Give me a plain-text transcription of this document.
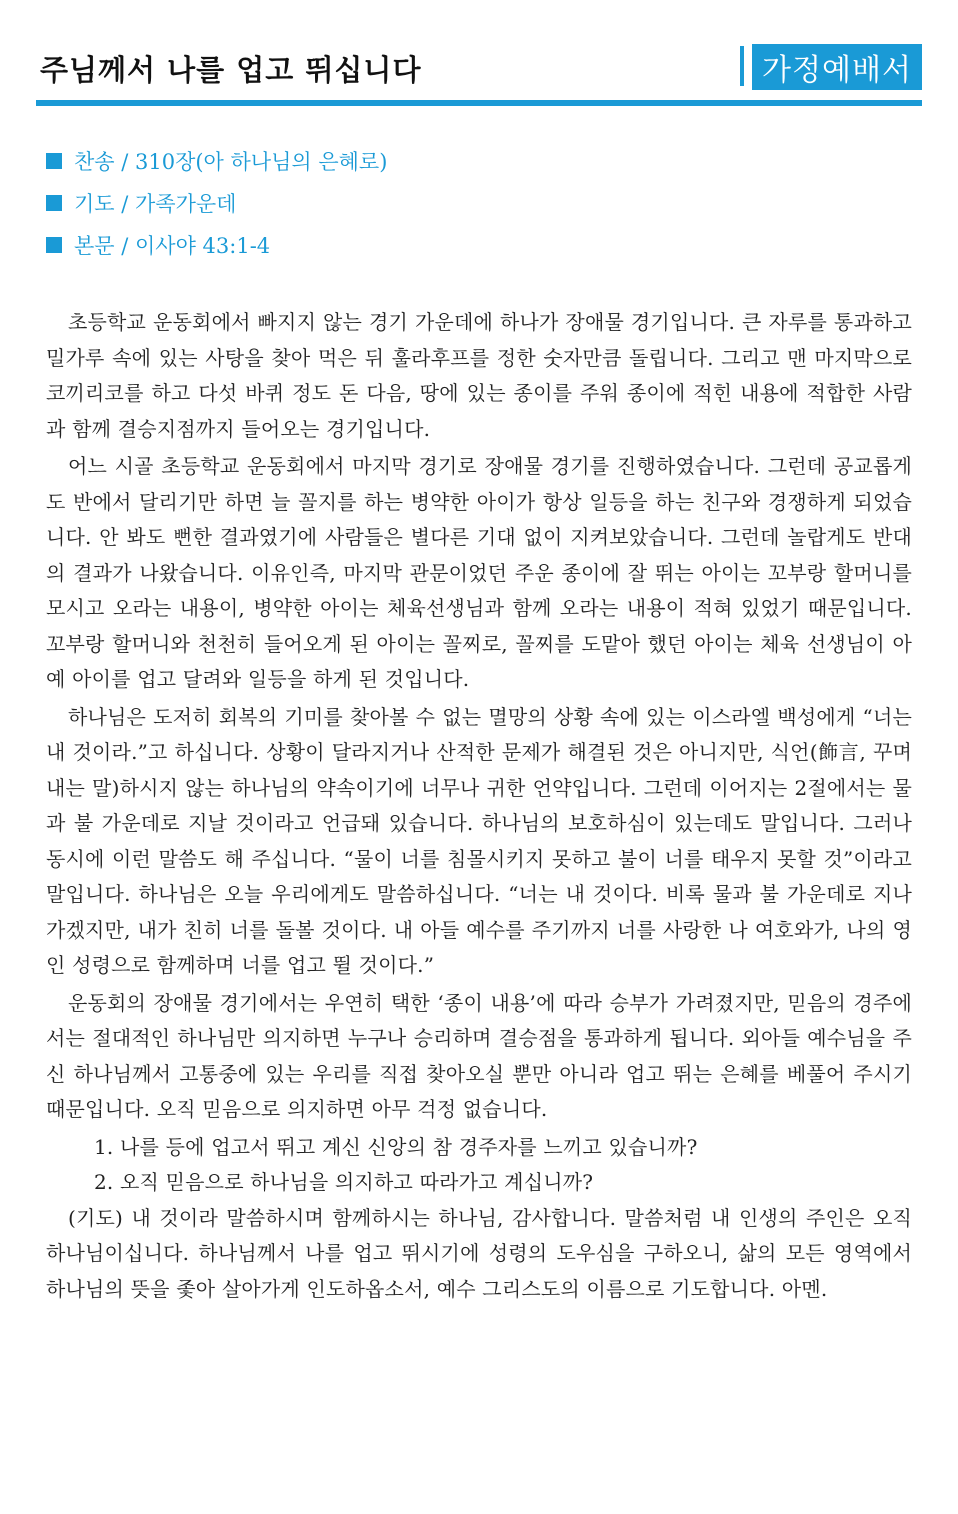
주님께서 나를 업고 뛰십니다	가정예배서
찬송 / 310장(아 하나님의 은혜로)
기도 / 가족가운데
본문 / 이사야 43:1-4

초등학교 운동회에서 빠지지 않는 경기 가운데에 하나가 장애물 경기입니다. 큰 자루를 통과하고 밀가루 속에 있는 사탕을 찾아 먹은 뒤 훌라후프를 정한 숫자만큼 돌립니다. 그리고 맨 마지막으로 코끼리코를 하고 다섯 바퀴 정도 돈 다음, 땅에 있는 종이를 주워 종이에 적힌 내용에 적합한 사람과 함께 결승지점까지 들어오는 경기입니다.

어느 시골 초등학교 운동회에서 마지막 경기로 장애물 경기를 진행하였습니다. 그런데 공교롭게도 반에서 달리기만 하면 늘 꼴지를 하는 병약한 아이가 항상 일등을 하는 친구와 경쟁하게 되었습니다. 안 봐도 뻔한 결과였기에 사람들은 별다른 기대 없이 지켜보았습니다. 그런데 놀랍게도 반대의 결과가 나왔습니다. 이유인즉, 마지막 관문이었던 주운 종이에 잘 뛰는 아이는 꼬부랑 할머니를 모시고 오라는 내용이, 병약한 아이는 체육선생님과 함께 오라는 내용이 적혀 있었기 때문입니다. 꼬부랑 할머니와 천천히 들어오게 된 아이는 꼴찌로, 꼴찌를 도맡아 했던 아이는 체육 선생님이 아예 아이를 업고 달려와 일등을 하게 된 것입니다.

하나님은 도저히 회복의 기미를 찾아볼 수 없는 멸망의 상황 속에 있는 이스라엘 백성에게 “너는 내 것이라.”고 하십니다. 상황이 달라지거나 산적한 문제가 해결된 것은 아니지만, 식언(飾言, 꾸며내는 말)하시지 않는 하나님의 약속이기에 너무나 귀한 언약입니다. 그런데 이어지는 2절에서는 물과 불 가운데로 지날 것이라고 언급돼 있습니다. 하나님의 보호하심이 있는데도 말입니다. 그러나 동시에 이런 말씀도 해 주십니다. “물이 너를 침몰시키지 못하고 불이 너를 태우지 못할 것”이라고 말입니다. 하나님은 오늘 우리에게도 말씀하십니다. “너는 내 것이다. 비록 물과 불 가운데로 지나가겠지만, 내가 친히 너를 돌볼 것이다. 내 아들 예수를 주기까지 너를 사랑한 나 여호와가, 나의 영인 성령으로 함께하며 너를 업고 뛸 것이다.”

운동회의 장애물 경기에서는 우연히 택한 ‘종이 내용’에 따라 승부가 가려졌지만, 믿음의 경주에서는 절대적인 하나님만 의지하면 누구나 승리하며 결승점을 통과하게 됩니다. 외아들 예수님을 주신 하나님께서 고통중에 있는 우리를 직접 찾아오실 뿐만 아니라 업고 뛰는 은혜를 베풀어 주시기 때문입니다. 오직 믿음으로 의지하면 아무 걱정 없습니다.

1. 나를 등에 업고서 뛰고 계신 신앙의 참 경주자를 느끼고 있습니까?
2. 오직 믿음으로 하나님을 의지하고 따라가고 계십니까?

(기도) 내 것이라 말씀하시며 함께하시는 하나님, 감사합니다. 말씀처럼 내 인생의 주인은 오직 하나님이십니다. 하나님께서 나를 업고 뛰시기에 성령의 도우심을 구하오니, 삶의 모든 영역에서 하나님의 뜻을 좇아 살아가게 인도하옵소서, 예수 그리스도의 이름으로 기도합니다. 아멘.
